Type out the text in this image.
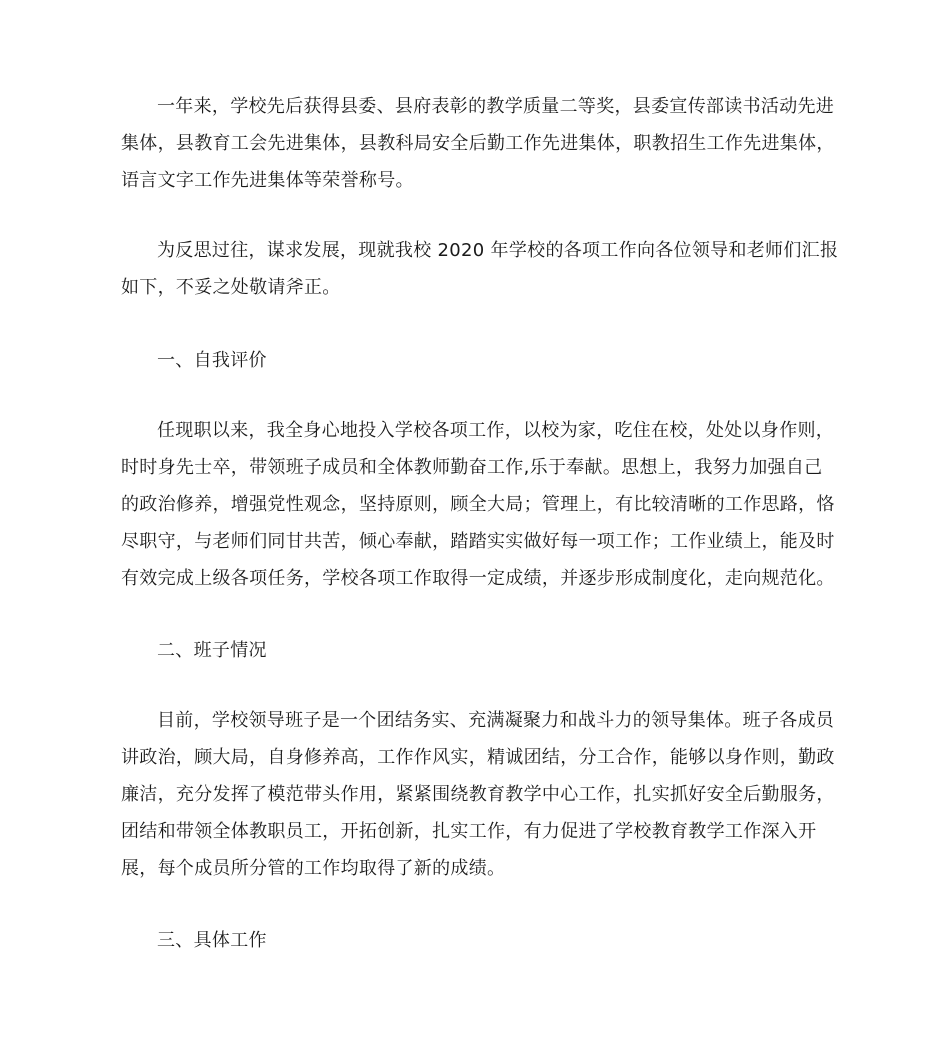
一年来，学校先后获得县委、县府表彰的教学质量二等奖，县委宣传部读书活动先进
集体，县教育工会先进集体，县教科局安全后勤工作先进集体，职教招生工作先进集体，
语言文字工作先进集体等荣誉称号。
为反思过往，谋求发展，现就我校 2020 年学校的各项工作向各位领导和老师们汇报
如下，不妥之处敬请斧正。
一、自我评价
任现职以来，我全身心地投入学校各项工作，以校为家，吃住在校，处处以身作则，
时时身先士卒，带领班子成员和全体教师勤奋工作,乐于奉献。思想上，我努力加强自己
的政治修养，增强党性观念，坚持原则，顾全大局；管理上，有比较清晰的工作思路，恪
尽职守，与老师们同甘共苦，倾心奉献，踏踏实实做好每一项工作；工作业绩上，能及时
有效完成上级各项任务，学校各项工作取得一定成绩，并逐步形成制度化，走向规范化。
二、班子情况
目前，学校领导班子是一个团结务实、充满凝聚力和战斗力的领导集体。班子各成员
讲政治，顾大局，自身修养高，工作作风实，精诚团结，分工合作，能够以身作则，勤政
廉洁，充分发挥了模范带头作用，紧紧围绕教育教学中心工作，扎实抓好安全后勤服务，
团结和带领全体教职员工，开拓创新，扎实工作，有力促进了学校教育教学工作深入开
展，每个成员所分管的工作均取得了新的成绩。
三、具体工作
